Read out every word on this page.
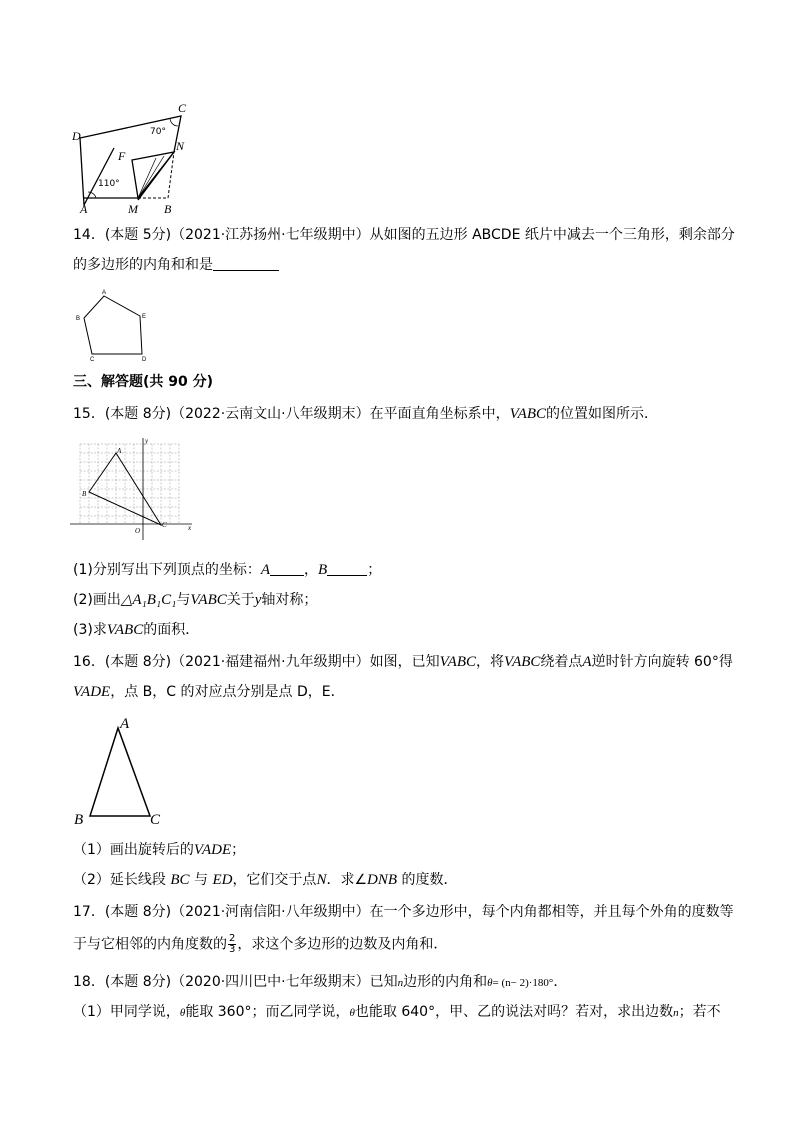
D
C
F
N
A	M B
70°
110°
14．(本题 5分)（2021·江苏扬州·七年级期中）从如图的五边形 ABCDE 纸片中减去一个三角形，剩余部分
的多边形的内角和和是
A
B
C	D
E
三、解答题(共 90 分)
15．(本题 8分)（2022·云南文山·八年级期末）在平面直角坐标系中，VABC的位置如图所示．
A
B
C	x
y
O
(1)分别写出下列顶点的坐标：A ，B	；
(2)画出△A₁B₁C₁与VABC关于y轴对称；
(3)求VABC的面积．
16．(本题 8分)（2021·福建福州·九年级期中）如图，已知VABC，将VABC绕着点A逆时针方向旋转 60°得
VADE，点 B，C 的对应点分别是点 D，E．
A
B	C
（1）画出旋转后的VADE；
（2）延长线段 BC 与 ED，它们交于点N．求∠DNB 的度数．
17．(本题 8分)（2021·河南信阳·八年级期中）在一个多边形中，每个内角都相等，并且每个外角的度数等
于与它相邻的内角度数的 $\frac{2}{3}$ ，求这个多边形的边数及内角和．
18．(本题 8分)（2020·四川巴中·七年级期末）已知n边形的内角和θ= (n− 2)·180°．
（1）甲同学说，θ能取 360°；而乙同学说，θ也能取 640°，甲、乙的说法对吗？若对，求出边数n；若不
